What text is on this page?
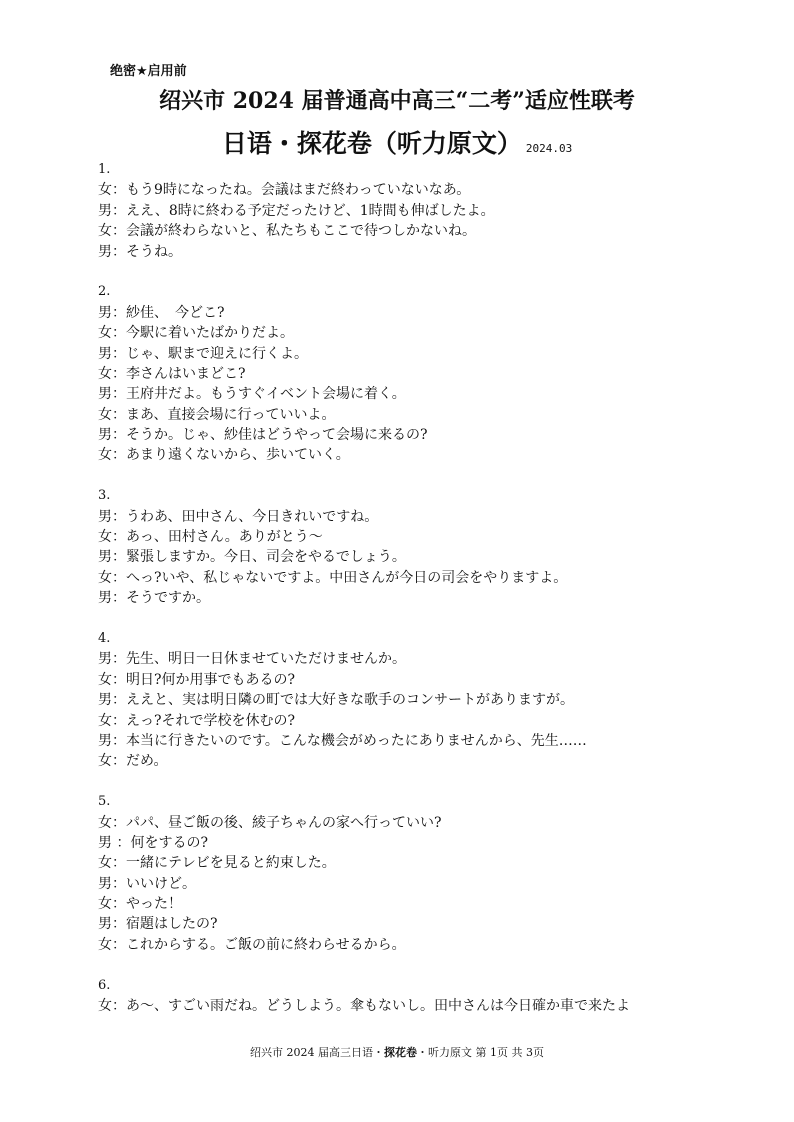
绝密★启用前
绍兴市 2024 届普通高中高三“二考”适应性联考
日语・探花卷（听力原文） 2024.03
1.
女：もう9時になったね。会議はまだ終わっていないなあ。
男：ええ、8時に終わる予定だったけど、1時間も伸ばしたよ。
女：会議が終わらないと、私たちもここで待つしかないね。
男：そうね。
2.
男：紗佳、　今どこ?
女：今駅に着いたばかりだよ。
男：じゃ、駅まで迎えに行くよ。
女：李さんはいまどこ?
男：王府井だよ。もうすぐイベント会場に着く。
女：まあ、直接会場に行っていいよ。
男：そうか。じゃ、紗佳はどうやって会場に来るの?
女：あまり遠くないから、歩いていく。
3.
男：うわあ、田中さん、今日きれいですね。
女：あっ、田村さん。ありがとう～
男：緊張しますか。今日、司会をやるでしょう。
女：へっ?いや、私じゃないですよ。中田さんが今日の司会をやりますよ。
男：そうですか。
4.
男：先生、明日一日休ませていただけませんか。
女：明日?何か用事でもあるの?
男：ええと、実は明日隣の町では大好きな歌手のコンサートがありますが。
女：えっ?それで学校を休むの?
男：本当に行きたいのです。こんな機会がめったにありませんから、先生……
女：だめ。
5.
女：パパ、昼ご飯の後、綾子ちゃんの家へ行っていい?
男 ：何をするの?
女：一緒にテレビを見ると約束した。
男：いいけど。
女：やった！
男：宿題はしたの?
女：これからする。ご飯の前に終わらせるから。
6.
女：あ～、すごい雨だね。どうしよう。傘もないし。田中さんは今日確か車で来たよ
绍兴市 2024 届高三日语・探花卷・听力原文 第 1页 共 3页
